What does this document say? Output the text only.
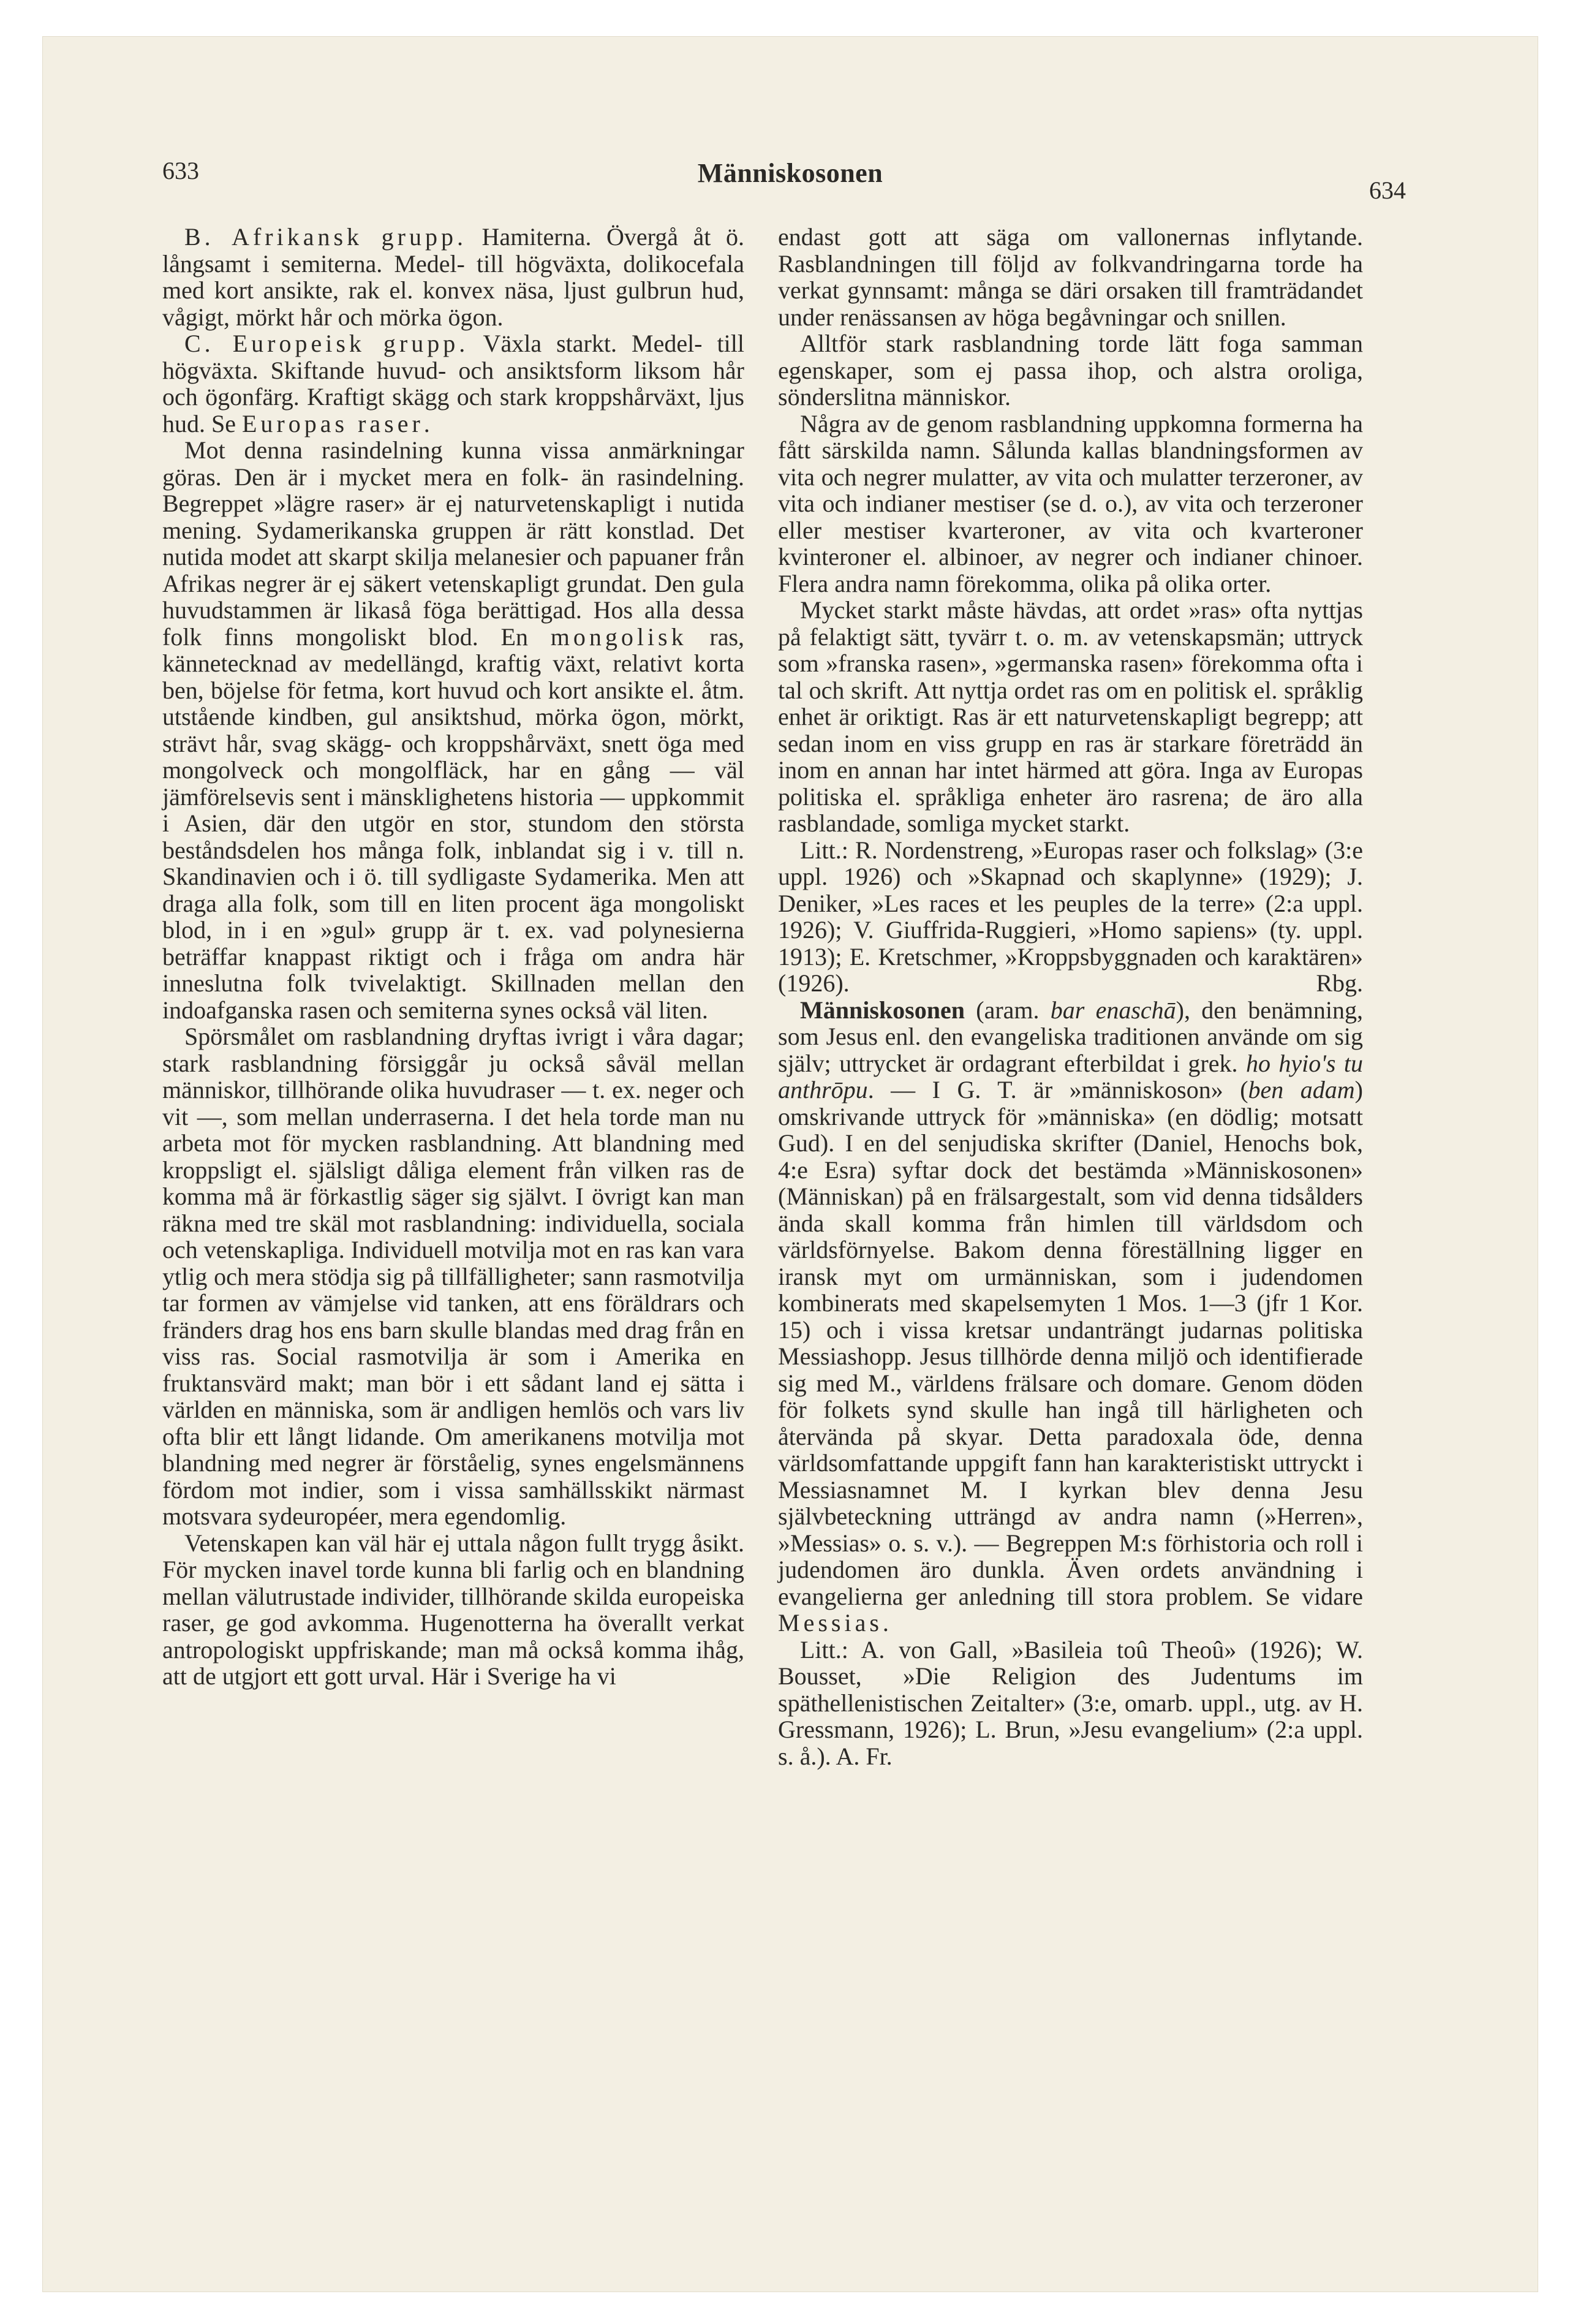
633	Människosonen
634

B. Afrikansk grupp. Hamiterna. Övergå åt ö. långsamt i semiterna. Medel- till högväxta, dolikocefala med kort ansikte, rak el. konvex näsa, ljust gulbrun hud, vågigt, mörkt hår och mörka ögon.

C. Europeisk grupp. Växla starkt. Medel- till högväxta. Skiftande huvud- och ansiktsform liksom hår och ögonfärg. Kraftigt skägg och stark kroppshårväxt, ljus hud. Se Europas raser.

Mot denna rasindelning kunna vissa anmärkningar göras. Den är i mycket mera en folk- än rasindelning. Begreppet »lägre raser» är ej naturvetenskapligt i nutida mening. Sydamerikanska gruppen är rätt konstlad. Det nutida modet att skarpt skilja melanesier och papuaner från Afrikas negrer är ej säkert vetenskapligt grundat. Den gula huvudstammen är likaså föga berättigad. Hos alla dessa folk finns mongoliskt blod. En mongolisk ras, kännetecknad av medellängd, kraftig växt, relativt korta ben, böjelse för fetma, kort huvud och kort ansikte el. åtm. utstående kindben, gul ansiktshud, mörka ögon, mörkt, strävt hår, svag skägg- och kroppshårväxt, snett öga med mongolveck och mongolfläck, har en gång — väl jämförelsevis sent i mänsklighetens historia — uppkommit i Asien, där den utgör en stor, stundom den största beståndsdelen hos många folk, inblandat sig i v. till n. Skandinavien och i ö. till sydligaste Sydamerika. Men att draga alla folk, som till en liten procent äga mongoliskt blod, in i en »gul» grupp är t. ex. vad polynesierna beträffar knappast riktigt och i fråga om andra här inneslutna folk tvivelaktigt. Skillnaden mellan den indoafganska rasen och semiterna synes också väl liten.

Spörsmålet om rasblandning dryftas ivrigt i våra dagar; stark rasblandning försiggår ju också såväl mellan människor, tillhörande olika huvudraser — t. ex. neger och vit —, som mellan underraserna. I det hela torde man nu arbeta mot för mycken rasblandning. Att blandning med kroppsligt el. själsligt dåliga element från vilken ras de komma må är förkastlig säger sig självt. I övrigt kan man räkna med tre skäl mot rasblandning: individuella, sociala och vetenskapliga. Individuell motvilja mot en ras kan vara ytlig och mera stödja sig på tillfälligheter; sann rasmotvilja tar formen av vämjelse vid tanken, att ens föräldrars och fränders drag hos ens barn skulle blandas med drag från en viss ras. Social rasmotvilja är som i Amerika en fruktansvärd makt; man bör i ett sådant land ej sätta i världen en människa, som är andligen hemlös och vars liv ofta blir ett långt lidande. Om amerikanens motvilja mot blandning med negrer är förståelig, synes engelsmännens fördom mot indier, som i vissa samhällsskikt närmast motsvara sydeuropéer, mera egendomlig.

Vetenskapen kan väl här ej uttala någon fullt trygg åsikt. För mycken inavel torde kunna bli farlig och en blandning mellan välutrustade individer, tillhörande skilda europeiska raser, ge god avkomma. Hugenotterna ha överallt verkat antropologiskt uppfriskande; man må också komma ihåg, att de utgjort ett gott urval. Här i Sverige ha vi

endast gott att säga om vallonernas inflytande. Rasblandningen till följd av folkvandringarna torde ha verkat gynnsamt: många se däri orsaken till framträdandet under renässansen av höga begåvningar och snillen.

Alltför stark rasblandning torde lätt foga samman egenskaper, som ej passa ihop, och alstra oroliga, sönderslitna människor.

Några av de genom rasblandning uppkomna formerna ha fått särskilda namn. Sålunda kallas blandningsformen av vita och negrer mulatter, av vita och mulatter terzeroner, av vita och indianer mestiser (se d. o.), av vita och terzeroner eller mestiser kvarteroner, av vita och kvarteroner kvinteroner el. albinoer, av negrer och indianer chinoer. Flera andra namn förekomma, olika på olika orter.

Mycket starkt måste hävdas, att ordet »ras» ofta nyttjas på felaktigt sätt, tyvärr t. o. m. av vetenskapsmän; uttryck som »franska rasen», »germanska rasen» förekomma ofta i tal och skrift. Att nyttja ordet ras om en politisk el. språklig enhet är oriktigt. Ras är ett naturvetenskapligt begrepp; att sedan inom en viss grupp en ras är starkare företrädd än inom en annan har intet härmed att göra. Inga av Europas politiska el. språkliga enheter äro rasrena; de äro alla rasblandade, somliga mycket starkt.

Litt.: R. Nordenstreng, »Europas raser och folkslag» (3:e uppl. 1926) och »Skapnad och skaplynne» (1929); J. Deniker, »Les races et les peuples de la terre» (2:a uppl. 1926); V. Giuffrida-Ruggieri, »Homo sapiens» (ty. uppl. 1913); E. Kretschmer, »Kroppsbyggnaden och karaktären» (1926).	Rbg.

Människosonen (aram. bar enaschā), den benämning, som Jesus enl. den evangeliska traditionen använde om sig själv; uttrycket är ordagrant efterbildat i grek. ho hyio's tu anthrōpu. — I G. T. är »människoson» (ben adam) omskrivande uttryck för »människa» (en dödlig; motsatt Gud). I en del senjudiska skrifter (Daniel, Henochs bok, 4:e Esra) syftar dock det bestämda »Människosonen» (Människan) på en frälsargestalt, som vid denna tidsålders ända skall komma från himlen till världsdom och världsförnyelse. Bakom denna föreställning ligger en iransk myt om urmänniskan, som i judendomen kombinerats med skapelsemyten 1 Mos. 1—3 (jfr 1 Kor. 15) och i vissa kretsar undanträngt judarnas politiska Messiashopp. Jesus tillhörde denna miljö och identifierade sig med M., världens frälsare och domare. Genom döden för folkets synd skulle han ingå till härligheten och återvända på skyar. Detta paradoxala öde, denna världsomfattande uppgift fann han karakteristiskt uttryckt i Messiasnamnet M. I kyrkan blev denna Jesu självbeteckning utträngd av andra namn (»Herren», »Messias» o. s. v.). — Begreppen M:s förhistoria och roll i judendomen äro dunkla. Även ordets användning i evangelierna ger anledning till stora problem. Se vidare Messias.

Litt.: A. von Gall, »Basileia toû Theoû» (1926); W. Bousset, »Die Religion des Judentums im späthellenistischen Zeitalter» (3:e, omarb. uppl., utg. av H. Gressmann, 1926); L. Brun, »Jesu evangelium» (2:a uppl. s. å.). A. Fr.
